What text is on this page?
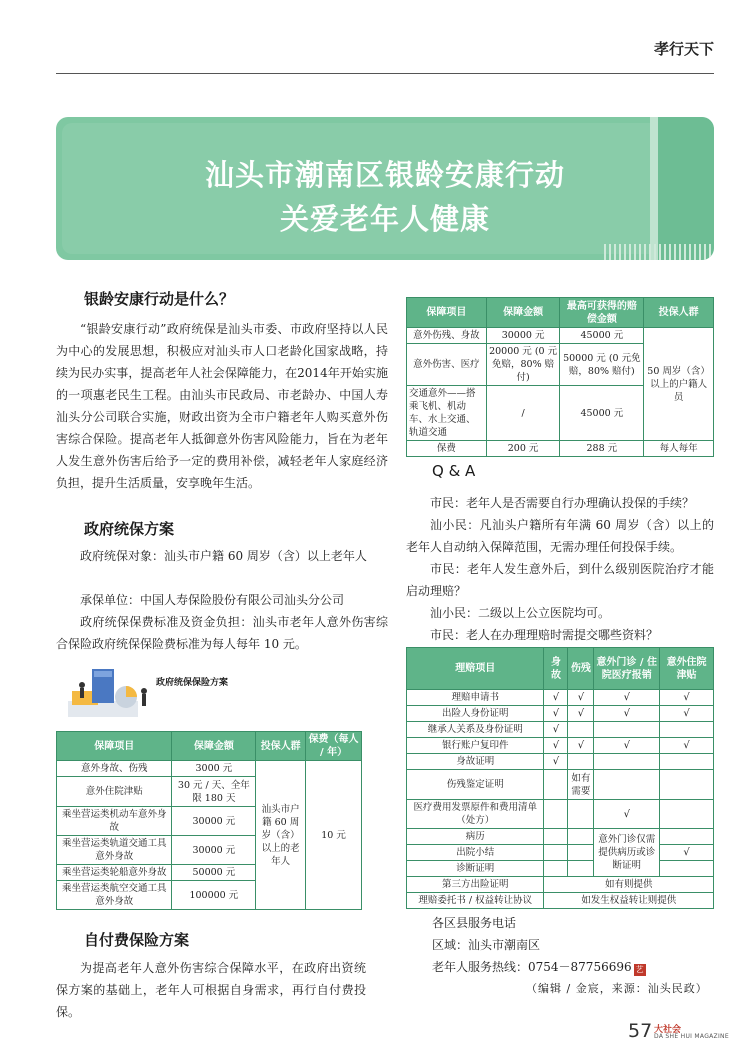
孝行天下
汕头市潮南区银龄安康行动
关爱老年人健康
银龄安康行动是什么？
“银龄安康行动”政府统保是汕头市委、市政府坚持以人民为中心的发展思想，积极应对汕头市人口老龄化国家战略，持续为民办实事，提高老年人社会保障能力，在2014年开始实施的一项惠老民生工程。由汕头市民政局、市老龄办、中国人寿汕头分公司联合实施，财政出资为全市户籍老年人购买意外伤害综合保险。提高老年人抵御意外伤害风险能力，旨在为老年人发生意外伤害后给予一定的费用补偿，减轻老年人家庭经济负担，提升生活质量，安享晚年生活。
政府统保方案
政府统保对象：汕头市户籍 60 周岁（含）以上老年人
承保单位：中国人寿保险股份有限公司汕头分公司
政府统保保费标准及资金负担：汕头市老年人意外伤害综合保险政府统保保险费标准为每人每年 10 元。
政府统保保险方案
保障项目	保障金额	投保人群	保费（每人 / 年）
意外身故、伤残	3000 元	汕头市户籍 60 周岁（含）以上的老年人	10 元
意外住院津贴	30 元 / 天、全年限 180 天		
乘坐营运类机动车意外身故	30000 元		
乘坐营运类轨道交通工具意外身故	30000 元		
乘坐营运类轮船意外身故	50000 元		
乘坐营运类航空交通工具意外身故	100000 元		
自付费保险方案
为提高老年人意外伤害综合保障水平，在政府出资统保方案的基础上，老年人可根据自身需求，再行自付费投保。
保障项目	保障金额	最高可获得的赔偿金额	投保人群
意外伤残、身故	30000 元	45000 元	50 周岁（含）以上的户籍人员
意外伤害、医疗	20000 元 (0 元免赔，80% 赔付)	50000 元 (0 元免赔，80% 赔付)	
交通意外——搭乘飞机、机动车、水上交通、轨道交通	/	45000 元	
保费	200 元	288 元	每人每年
Q & A
市民：老年人是否需要自行办理确认投保的手续？
汕小民：凡汕头户籍所有年满 60 周岁（含）以上的老年人自动纳入保障范围，无需办理任何投保手续。
市民：老年人发生意外后，到什么级别医院治疗才能启动理赔？
汕小民：二级以上公立医院均可。
市民：老人在办理理赔时需提交哪些资料？
理赔项目	身故	伤残	意外门诊 / 住院医疗报销	意外住院津贴
理赔申请书	√	√	√	√
出险人身份证明	√	√	√	√
继承人关系及身份证明	√			
银行账户复印件	√	√	√	√
身故证明	√			
伤残鉴定证明		如有需要		
医疗费用发票原件和费用清单（处方）			√	
病历			意外门诊仅需提供病历或诊断证明	
出院小结				√
诊断证明				
第三方出险证明	如有则提供			
理赔委托书 / 权益转让协议	如发生权益转让则提供			
各区县服务电话
区域：汕头市潮南区
老年人服务热线：0754－87756696 艺
（编辑 / 金宸，来源：汕头民政）
57 大社会
DA SHE HUI MAGAZINE
